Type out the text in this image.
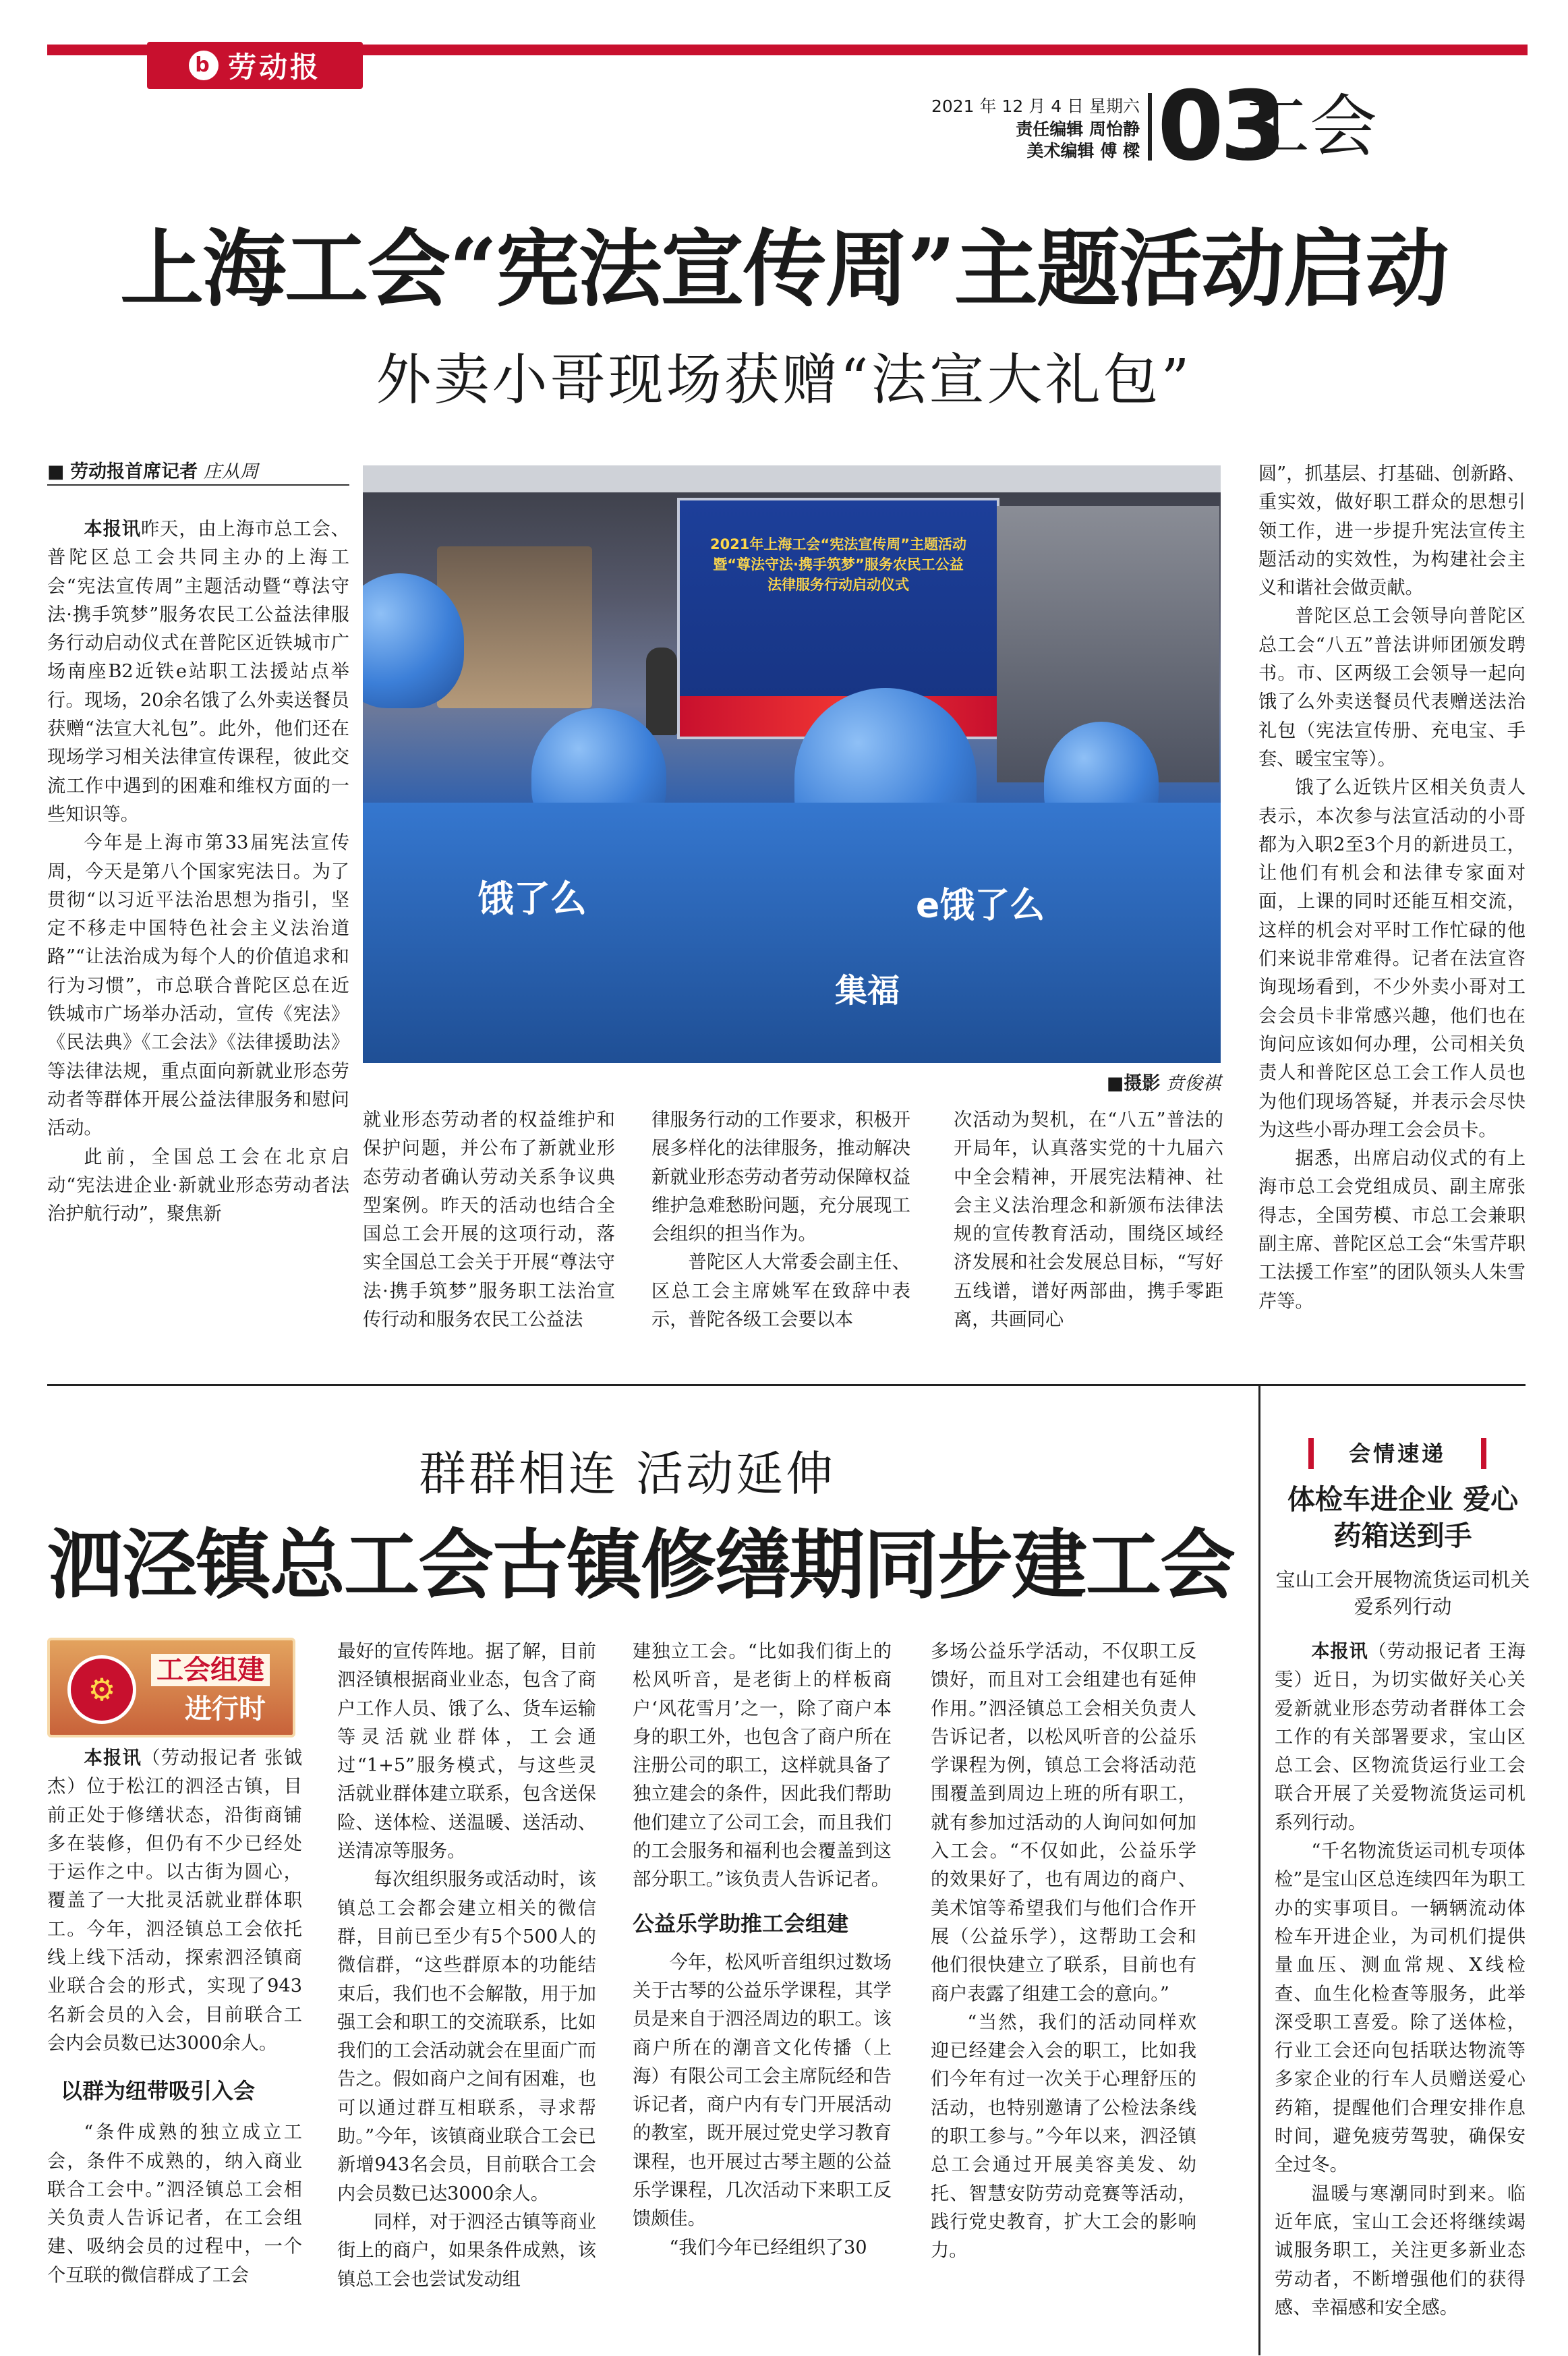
b 劳动报
2021 年 12 月 4 日 星期六
责任编辑 周怡静
美术编辑 傅 樑 03
工会
上海工会“宪法宣传周”主题活动启动
外卖小哥现场获赠“法宣大礼包”
■ 劳动报首席记者 庄从周

本报讯昨天，由上海市总工会、普陀区总工会共同主办的上海工会“宪法宣传周”主题活动暨“尊法守法·携手筑梦”服务农民工公益法律服务行动启动仪式在普陀区近铁城市广场南座B2近铁e站职工法援站点举行。现场，20余名饿了么外卖送餐员获赠“法宣大礼包”。此外，他们还在现场学习相关法律宣传课程，彼此交流工作中遇到的困难和维权方面的一些知识等。

今年是上海市第33届宪法宣传周，今天是第八个国家宪法日。为了贯彻“以习近平法治思想为指引，坚定不移走中国特色社会主义法治道路”“让法治成为每个人的价值追求和行为习惯”，市总联合普陀区总在近铁城市广场举办活动，宣传《宪法》《民法典》《工会法》《法律援助法》等法律法规，重点面向新就业形态劳动者等群体开展公益法律服务和慰问活动。

此前，全国总工会在北京启动“宪法进企业·新就业形态劳动者法治护航行动”，聚焦新

2021年上海工会“宪法宣传周”主题活动
暨“尊法守法·携手筑梦”服务农民工公益
法律服务行动启动仪式
饿了么	e饿了么
集福
■摄影 贲俊祺

就业形态劳动者的权益维护和保护问题，并公布了新就业形态劳动者确认劳动关系争议典型案例。昨天的活动也结合全国总工会开展的这项行动，落实全国总工会关于开展“尊法守法·携手筑梦”服务职工法治宣传行动和服务农民工公益法

律服务行动的工作要求，积极开展多样化的法律服务，推动解决新就业形态劳动者劳动保障权益维护急难愁盼问题，充分展现工会组织的担当作为。

普陀区人大常委会副主任、区总工会主席姚军在致辞中表示，普陀各级工会要以本

次活动为契机，在“八五”普法的开局年，认真落实党的十九届六中全会精神，开展宪法精神、社会主义法治理念和新颁布法律法规的宣传教育活动，围绕区域经济发展和社会发展总目标，“写好五线谱，谱好两部曲，携手零距离，共画同心

圆”，抓基层、打基础、创新路、重实效，做好职工群众的思想引领工作，进一步提升宪法宣传主题活动的实效性，为构建社会主义和谐社会做贡献。

普陀区总工会领导向普陀区总工会“八五”普法讲师团颁发聘书。市、区两级工会领导一起向饿了么外卖送餐员代表赠送法治礼包（宪法宣传册、充电宝、手套、暖宝宝等）。

饿了么近铁片区相关负责人表示，本次参与法宣活动的小哥都为入职2至3个月的新进员工，让他们有机会和法律专家面对面，上课的同时还能互相交流，这样的机会对平时工作忙碌的他们来说非常难得。记者在法宣咨询现场看到，不少外卖小哥对工会会员卡非常感兴趣，他们也在询问应该如何办理，公司相关负责人和普陀区总工会工作人员也为他们现场答疑，并表示会尽快为这些小哥办理工会会员卡。

据悉，出席启动仪式的有上海市总工会党组成员、副主席张得志，全国劳模、市总工会兼职副主席、普陀区总工会“朱雪芹职工法援工作室”的团队领头人朱雪芹等。

群群相连 活动延伸
泗泾镇总工会古镇修缮期同步建工会
⚙
工会组建
进行时

本报讯（劳动报记者 张钺杰）位于松江的泗泾古镇，目前正处于修缮状态，沿街商铺多在装修，但仍有不少已经处于运作之中。以古街为圆心，覆盖了一大批灵活就业群体职工。今年，泗泾镇总工会依托线上线下活动，探索泗泾镇商业联合会的形式，实现了943名新会员的入会，目前联合工会内会员数已达3000余人。

以群为纽带吸引入会

“条件成熟的独立成立工会，条件不成熟的，纳入商业联合工会中。”泗泾镇总工会相关负责人告诉记者，在工会组建、吸纳会员的过程中，一个个互联的微信群成了工会

最好的宣传阵地。据了解，目前泗泾镇根据商业业态，包含了商户工作人员、饿了么、货车运输等灵活就业群体，工会通过“1+5”服务模式，与这些灵活就业群体建立联系，包含送保险、送体检、送温暖、送活动、送清凉等服务。

每次组织服务或活动时，该镇总工会都会建立相关的微信群，目前已至少有5个500人的微信群，“这些群原本的功能结束后，我们也不会解散，用于加强工会和职工的交流联系，比如我们的工会活动就会在里面广而告之。假如商户之间有困难，也可以通过群互相联系，寻求帮助。”今年，该镇商业联合工会已新增943名会员，目前联合工会内会员数已达3000余人。

同样，对于泗泾古镇等商业街上的商户，如果条件成熟，该镇总工会也尝试发动组

建独立工会。“比如我们街上的松风听音，是老街上的样板商户‘风花雪月’之一，除了商户本身的职工外，也包含了商户所在注册公司的职工，这样就具备了独立建会的条件，因此我们帮助他们建立了公司工会，而且我们的工会服务和福利也会覆盖到这部分职工。”该负责人告诉记者。

公益乐学助推工会组建

今年，松风听音组织过数场关于古琴的公益乐学课程，其学员是来自于泗泾周边的职工。该商户所在的潮音文化传播（上海）有限公司工会主席阮经和告诉记者，商户内有专门开展活动的教室，既开展过党史学习教育课程，也开展过古琴主题的公益乐学课程，几次活动下来职工反馈颇佳。

“我们今年已经组织了30

多场公益乐学活动，不仅职工反馈好，而且对工会组建也有延伸作用。”泗泾镇总工会相关负责人告诉记者，以松风听音的公益乐学课程为例，镇总工会将活动范围覆盖到周边上班的所有职工，就有参加过活动的人询问如何加入工会。“不仅如此，公益乐学的效果好了，也有周边的商户、美术馆等希望我们与他们合作开展（公益乐学），这帮助工会和他们很快建立了联系，目前也有商户表露了组建工会的意向。”

“当然，我们的活动同样欢迎已经建会入会的职工，比如我们今年有过一次关于心理舒压的活动，也特别邀请了公检法条线的职工参与。”今年以来，泗泾镇总工会通过开展美容美发、幼托、智慧安防劳动竞赛等活动，践行党史教育，扩大工会的影响力。

会情速递
体检车进企业 爱心药箱送到手
宝山工会开展物流货运司机关爱系列行动

本报讯（劳动报记者 王海雯）近日，为切实做好关心关爱新就业形态劳动者群体工会工作的有关部署要求，宝山区总工会、区物流货运行业工会联合开展了关爱物流货运司机系列行动。

“千名物流货运司机专项体检”是宝山区总连续四年为职工办的实事项目。一辆辆流动体检车开进企业，为司机们提供量血压、测血常规、X线检查、血生化检查等服务，此举深受职工喜爱。除了送体检，行业工会还向包括联达物流等多家企业的行车人员赠送爱心药箱，提醒他们合理安排作息时间，避免疲劳驾驶，确保安全过冬。

温暖与寒潮同时到来。临近年底，宝山工会还将继续竭诚服务职工，关注更多新业态劳动者，不断增强他们的获得感、幸福感和安全感。
